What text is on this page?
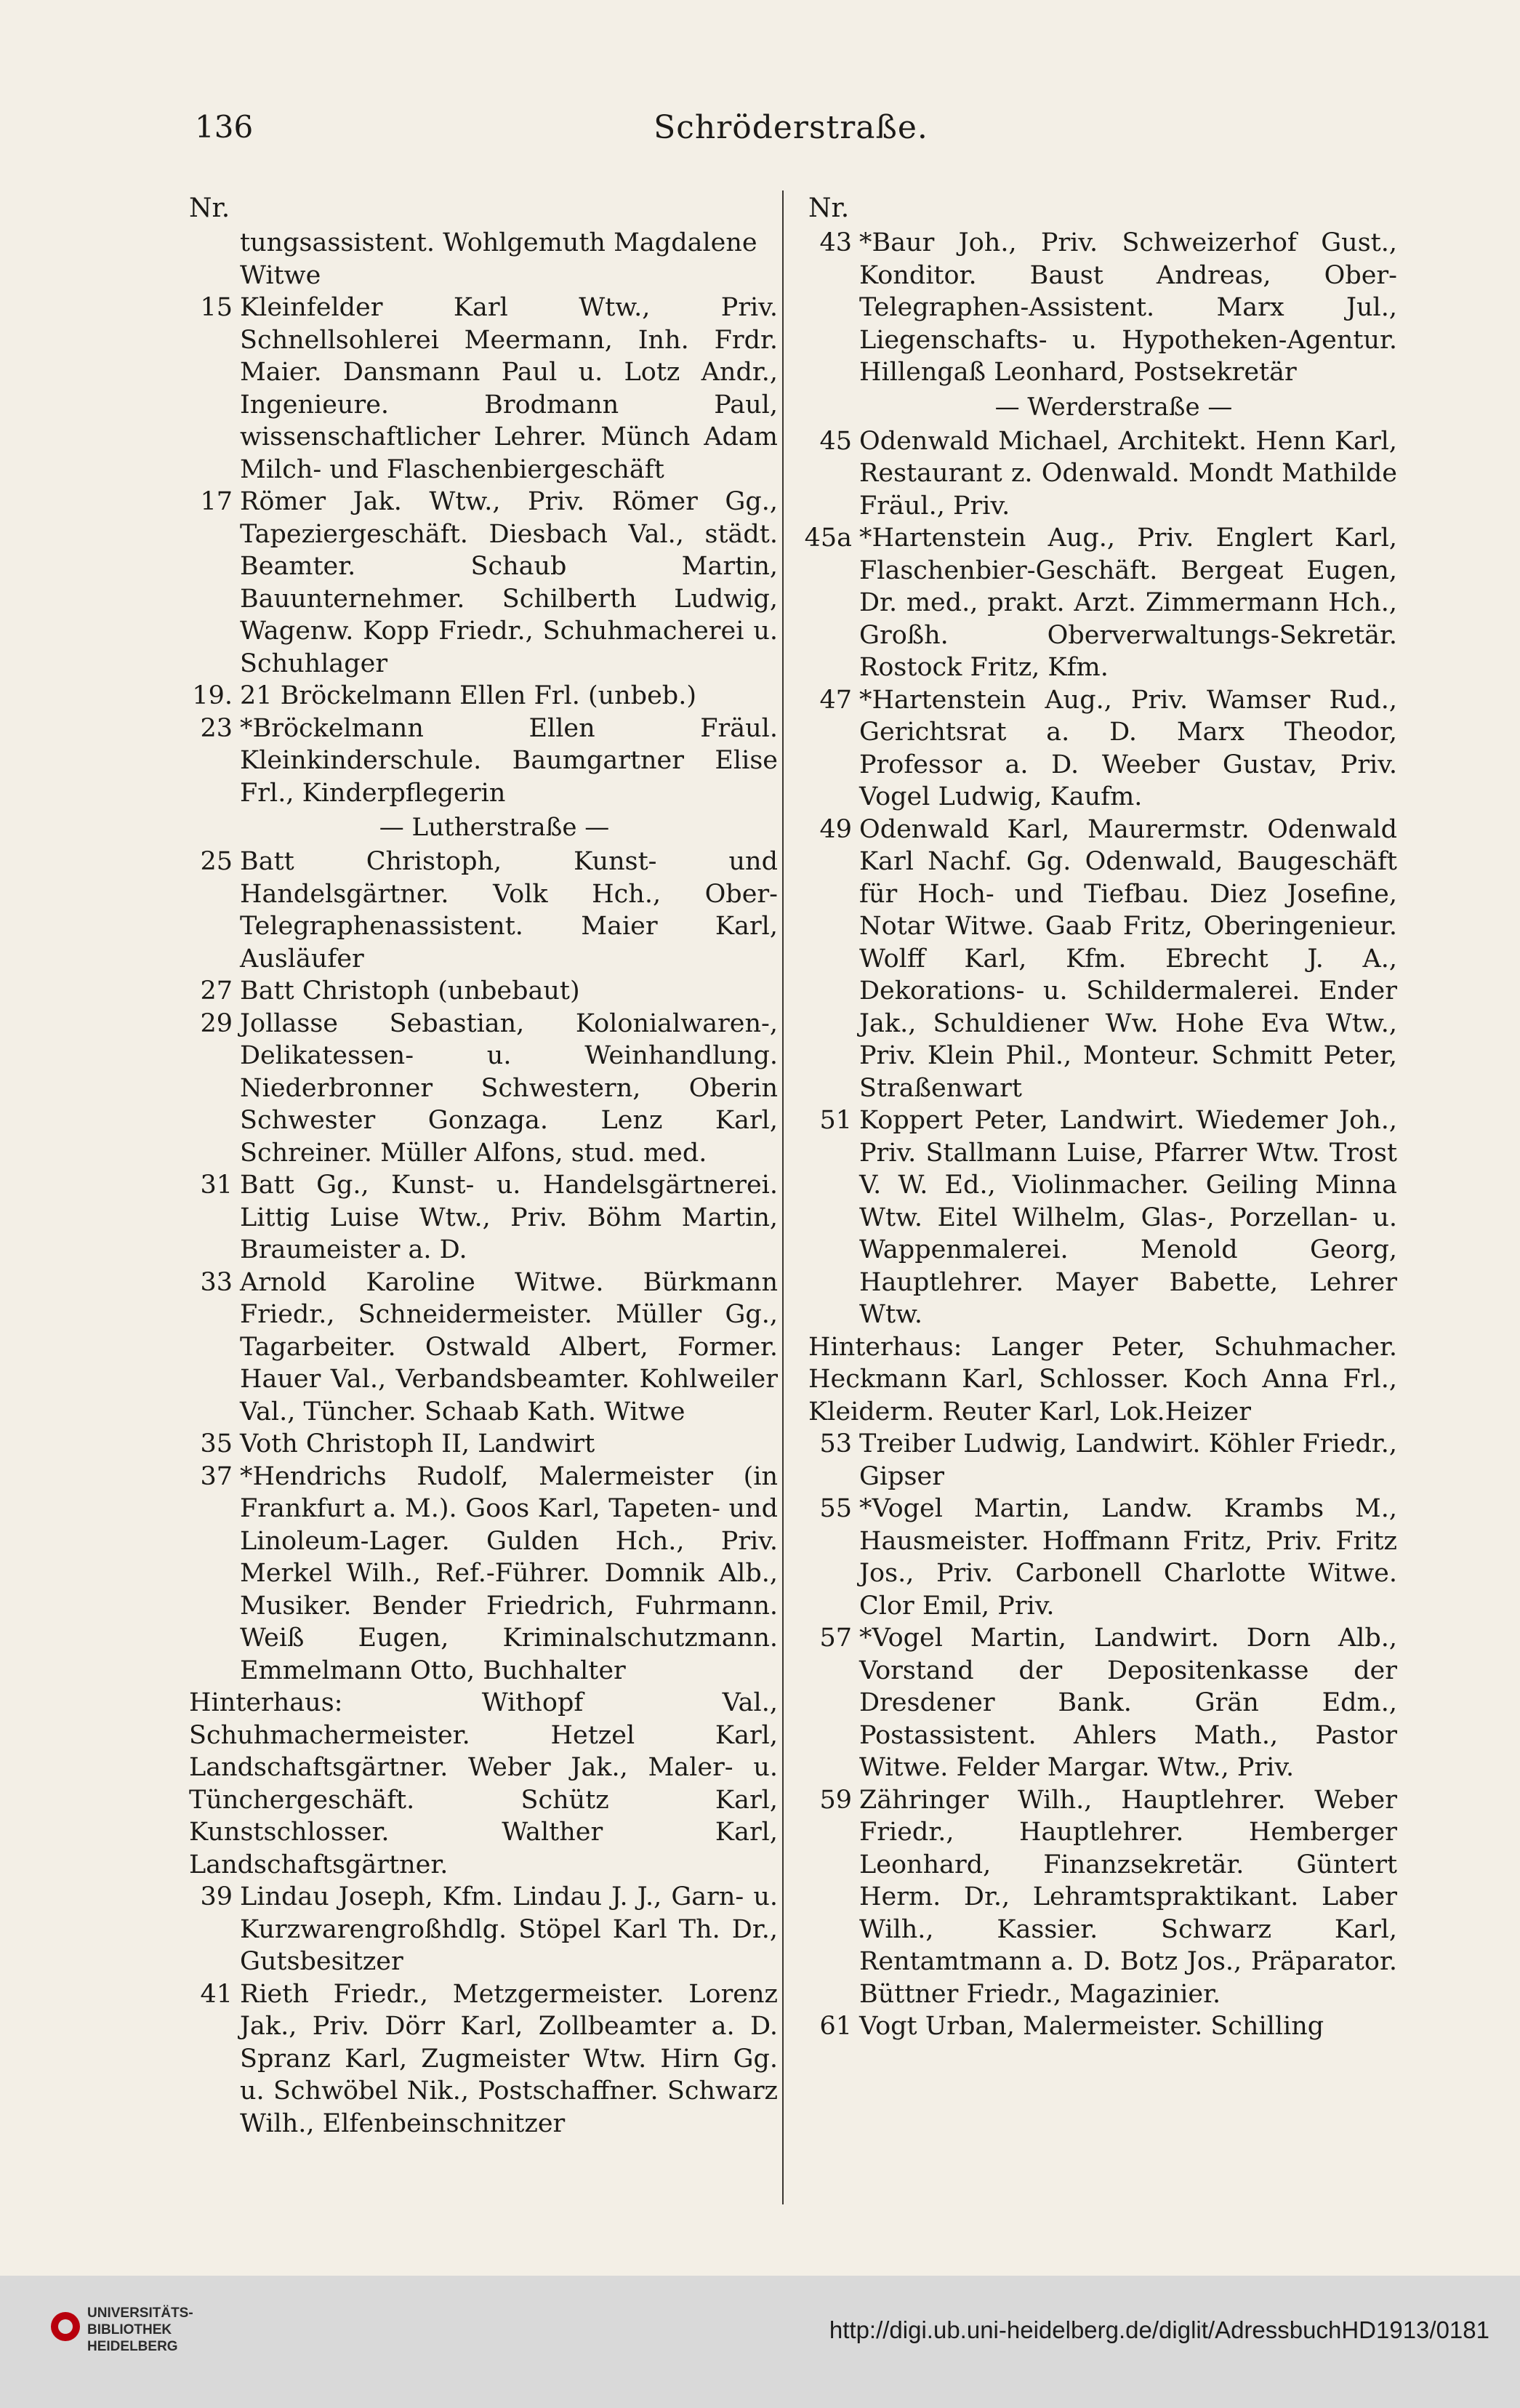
136	Schröderstraße.
Nr.
tungsassistent. Wohlgemuth Magdalene Witwe
15 Kleinfelder Karl Wtw., Priv. Schnellsohlerei Meermann, Inh. Frdr. Maier. Dansmann Paul u. Lotz Andr., Ingenieure. Brodmann Paul, wissenschaftlicher Lehrer. Münch Adam Milch- und Flaschenbiergeschäft
17 Römer Jak. Wtw., Priv. Römer Gg., Tapeziergeschäft. Diesbach Val., städt. Beamter. Schaub Martin, Bauunternehmer. Schilberth Ludwig, Wagenw. Kopp Friedr., Schuhmacherei u. Schuhlager
19. 21 Bröckelmann Ellen Frl. (unbeb.)
23 *Bröckelmann Ellen Fräul. Kleinkinderschule. Baumgartner Elise Frl., Kinderpflegerin
— Lutherstraße —
25 Batt Christoph, Kunst- und Handelsgärtner. Volk Hch., Ober-Telegraphenassistent. Maier Karl, Ausläufer
27 Batt Christoph (unbebaut)
29 Jollasse Sebastian, Kolonialwaren-, Delikatessen- u. Weinhandlung. Niederbronner Schwestern, Oberin Schwester Gonzaga. Lenz Karl, Schreiner. Müller Alfons, stud. med.
31 Batt Gg., Kunst- u. Handelsgärtnerei. Littig Luise Wtw., Priv. Böhm Martin, Braumeister a. D.
33 Arnold Karoline Witwe. Bürkmann Friedr., Schneidermeister. Müller Gg., Tagarbeiter. Ostwald Albert, Former. Hauer Val., Verbandsbeamter. Kohlweiler Val., Tüncher. Schaab Kath. Witwe
35 Voth Christoph II, Landwirt
37 *Hendrichs Rudolf, Malermeister (in Frankfurt a. M.). Goos Karl, Tapeten- und Linoleum-Lager. Gulden Hch., Priv. Merkel Wilh., Ref.-Führer. Domnik Alb., Musiker. Bender Friedrich, Fuhrmann. Weiß Eugen, Kriminalschutzmann. Emmelmann Otto, Buchhalter
Hinterhaus: Withopf Val., Schuhmachermeister. Hetzel Karl, Landschaftsgärtner. Weber Jak., Maler- u. Tünchergeschäft. Schütz Karl, Kunstschlosser. Walther Karl, Landschaftsgärtner.
39 Lindau Joseph, Kfm. Lindau J. J., Garn- u. Kurzwarengroßhdlg. Stöpel Karl Th. Dr., Gutsbesitzer
41 Rieth Friedr., Metzgermeister. Lorenz Jak., Priv. Dörr Karl, Zollbeamter a. D. Spranz Karl, Zugmeister Wtw. Hirn Gg. u. Schwöbel Nik., Postschaffner. Schwarz Wilh., Elfenbeinschnitzer
Nr.
43 *Baur Joh., Priv. Schweizerhof Gust., Konditor. Baust Andreas, Ober-Telegraphen-Assistent. Marx Jul., Liegenschafts- u. Hypotheken-Agentur. Hillengaß Leonhard, Postsekretär
— Werderstraße —
45 Odenwald Michael, Architekt. Henn Karl, Restaurant z. Odenwald. Mondt Mathilde Fräul., Priv.
45a *Hartenstein Aug., Priv. Englert Karl, Flaschenbier-Geschäft. Bergeat Eugen, Dr. med., prakt. Arzt. Zimmermann Hch., Großh. Oberverwaltungs-Sekretär. Rostock Fritz, Kfm.
47 *Hartenstein Aug., Priv. Wamser Rud., Gerichtsrat a. D. Marx Theodor, Professor a. D. Weeber Gustav, Priv. Vogel Ludwig, Kaufm.
49 Odenwald Karl, Maurermstr. Odenwald Karl Nachf. Gg. Odenwald, Baugeschäft für Hoch- und Tiefbau. Diez Josefine, Notar Witwe. Gaab Fritz, Oberingenieur. Wolff Karl, Kfm. Ebrecht J. A., Dekorations- u. Schildermalerei. Ender Jak., Schuldiener Ww. Hohe Eva Wtw., Priv. Klein Phil., Monteur. Schmitt Peter, Straßenwart
51 Koppert Peter, Landwirt. Wiedemer Joh., Priv. Stallmann Luise, Pfarrer Wtw. Trost V. W. Ed., Violinmacher. Geiling Minna Wtw. Eitel Wilhelm, Glas-, Porzellan- u. Wappenmalerei. Menold Georg, Hauptlehrer. Mayer Babette, Lehrer Wtw.
Hinterhaus: Langer Peter, Schuhmacher. Heckmann Karl, Schlosser. Koch Anna Frl., Kleiderm. Reuter Karl, Lok.Heizer
53 Treiber Ludwig, Landwirt. Köhler Friedr., Gipser
55 *Vogel Martin, Landw. Krambs M., Hausmeister. Hoffmann Fritz, Priv. Fritz Jos., Priv. Carbonell Charlotte Witwe. Clor Emil, Priv.
57 *Vogel Martin, Landwirt. Dorn Alb., Vorstand der Depositenkasse der Dresdener Bank. Grän Edm., Postassistent. Ahlers Math., Pastor Witwe. Felder Margar. Wtw., Priv.
59 Zähringer Wilh., Hauptlehrer. Weber Friedr., Hauptlehrer. Hemberger Leonhard, Finanzsekretär. Güntert Herm. Dr., Lehramtspraktikant. Laber Wilh., Kassier. Schwarz Karl, Rentamtmann a. D. Botz Jos., Präparator. Büttner Friedr., Magazinier.
61 Vogt Urban, Malermeister. Schilling
UNIVERSITÄTS-
BIBLIOTHEK
HEIDELBERG
http://digi.ub.uni-heidelberg.de/diglit/AdressbuchHD1913/0181
